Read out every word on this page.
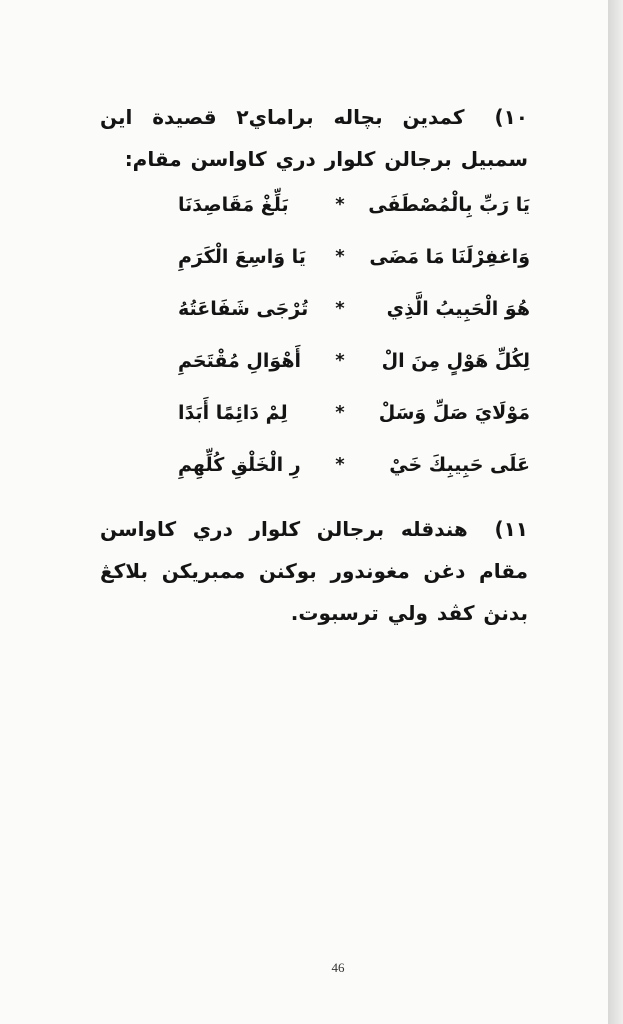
١٠) كمدين بچاله براماي٢ قصيدة اين سمبيل برجالن كلوار دري كاواسن مقام:
يَا رَبِّ بِالْمُصْطَفَى
*
بَلِّغْ مَقَاصِدَنَا
وَاغفِرْلَنَا مَا مَضَى
*
يَا وَاسِعَ الْكَرَمِ
هُوَ الْحَبِيبُ الَّذِي
*
تُرْجَى شَفَاعَتُهُ
لِكُلِّ هَوْلٍ مِنَ الْ
*
أَهْوَالِ مُقْتَحَمِ
مَوْلَايَ صَلِّ وَسَلْ
*
لِمْ دَائِمًا أَبَدًا
عَلَى حَبِيبِكَ خَيْ
*
رِ الْخَلْقِ كُلِّهِمِ
١١) هندقله برجالن كلوار دري كاواسن مقام دغن مغوندور بوكنن ممبريكن بلاكڠ بدنڽ كڤد ولي ترسبوت.
46
